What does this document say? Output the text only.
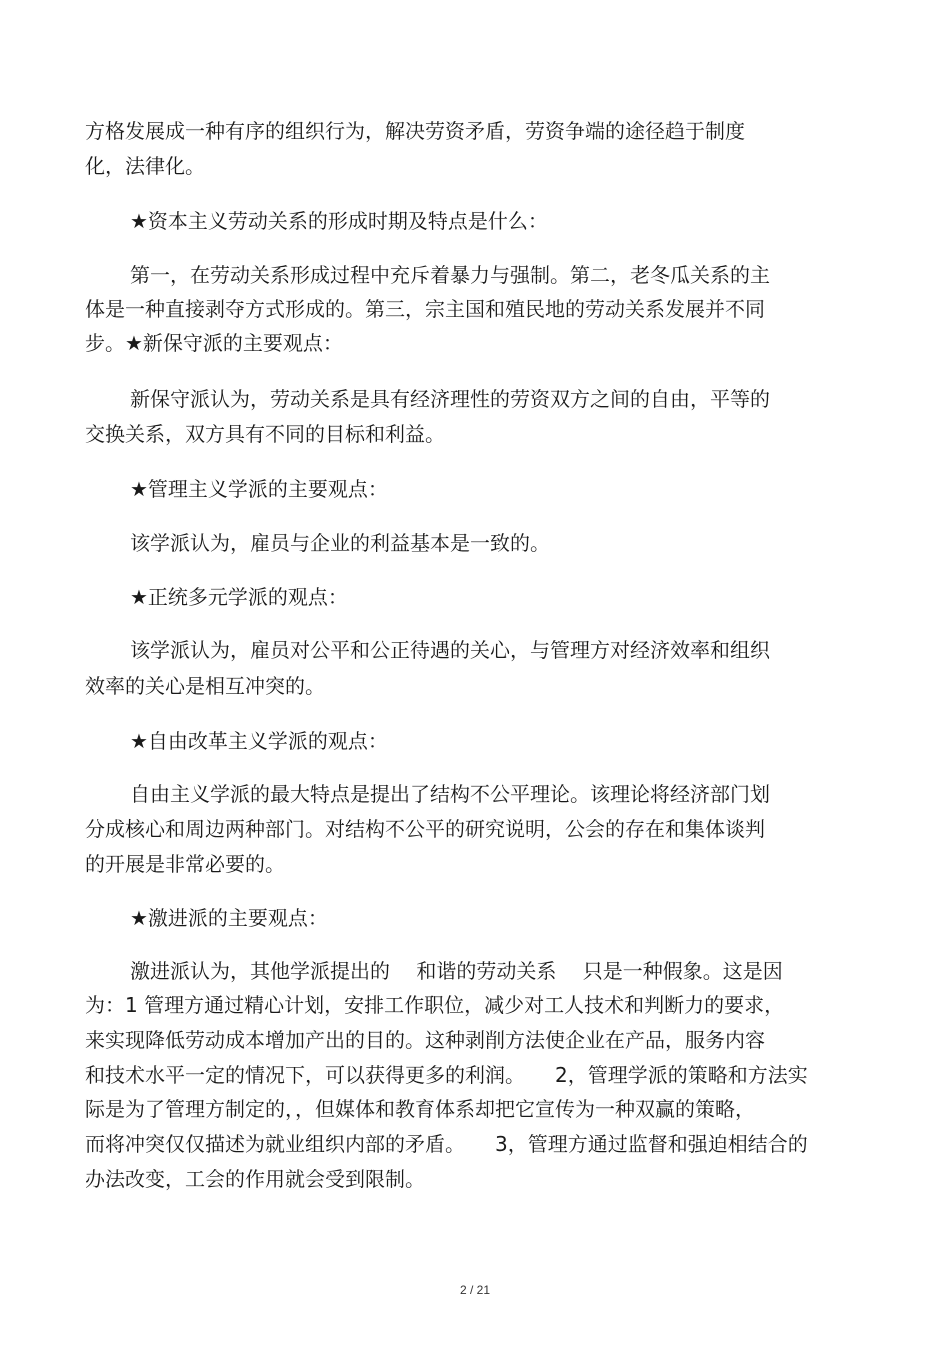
方格发展成一种有序的组织行为，解决劳资矛盾，劳资争端的途径趋于制度
化，法律化。
★资本主义劳动关系的形成时期及特点是什么：
第一，在劳动关系形成过程中充斥着暴力与强制。第二，老冬瓜关系的主
体是一种直接剥夺方式形成的。第三，宗主国和殖民地的劳动关系发展并不同
步。★新保守派的主要观点：
新保守派认为，劳动关系是具有经济理性的劳资双方之间的自由，平等的
交换关系，双方具有不同的目标和利益。
★管理主义学派的主要观点：
该学派认为，雇员与企业的利益基本是一致的。
★正统多元学派的观点：
该学派认为，雇员对公平和公正待遇的关心，与管理方对经济效率和组织
效率的关心是相互冲突的。
★自由改革主义学派的观点：
自由主义学派的最大特点是提出了结构不公平理论。该理论将经济部门划
分成核心和周边两种部门。对结构不公平的研究说明，公会的存在和集体谈判
的开展是非常必要的。
★激进派的主要观点：
激进派认为，其他学派提出的　 和谐的劳动关系　 只是一种假象。这是因
为：1 管理方通过精心计划，安排工作职位，减少对工人技术和判断力的要求，
来实现降低劳动成本增加产出的目的。这种剥削方法使企业在产品，服务内容
和技术水平一定的情况下，可以获得更多的利润。　　2，管理学派的策略和方法实
际是为了管理方制定的，，但媒体和教育体系却把它宣传为一种双赢的策略，
而将冲突仅仅描述为就业组织内部的矛盾。　　3，管理方通过监督和强迫相结合的
办法改变，工会的作用就会受到限制。
2 / 21
